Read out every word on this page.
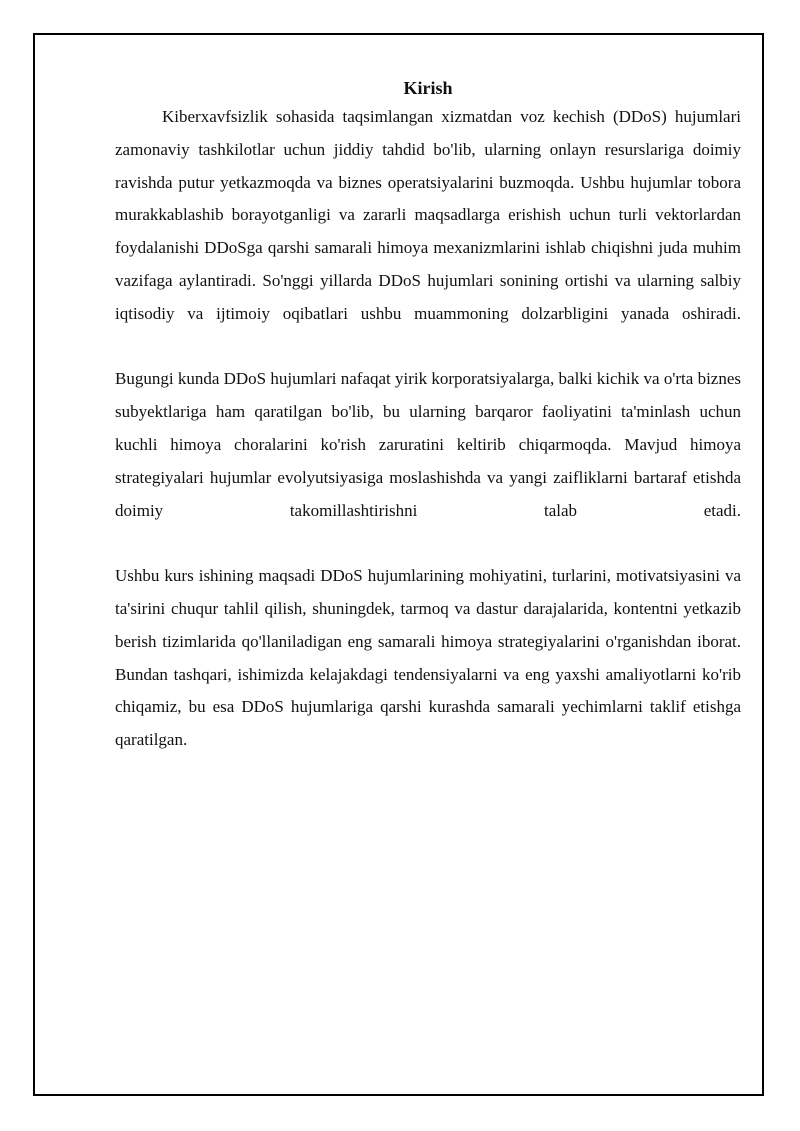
Kirish

Kiberxavfsizlik sohasida taqsimlangan xizmatdan voz kechish (DDoS) hujumlari zamonaviy tashkilotlar uchun jiddiy tahdid bo'lib, ularning onlayn resurslariga doimiy ravishda putur yetkazmoqda va biznes operatsiyalarini buzmoqda. Ushbu hujumlar tobora murakkablashib borayotganligi va zararli maqsadlarga erishish uchun turli vektorlardan foydalanishi DDoSga qarshi samarali himoya mexanizmlarini ishlab chiqishni juda muhim vazifaga aylantiradi. So'nggi yillarda DDoS hujumlari sonining ortishi va ularning salbiy iqtisodiy va ijtimoiy oqibatlari ushbu muammoning dolzarbligini yanada oshiradi.

Bugungi kunda DDoS hujumlari nafaqat yirik korporatsiyalarga, balki kichik va o'rta biznes subyektlariga ham qaratilgan bo'lib, bu ularning barqaror faoliyatini ta'minlash uchun kuchli himoya choralarini ko'rish zaruratini keltirib chiqarmoqda. Mavjud himoya strategiyalari hujumlar evolyutsiyasiga moslashishda va yangi zaifliklarni bartaraf etishda doimiy takomillashtirishni talab etadi.

Ushbu kurs ishining maqsadi DDoS hujumlarining mohiyatini, turlarini, motivatsiyasini va ta'sirini chuqur tahlil qilish, shuningdek, tarmoq va dastur darajalarida, kontentni yetkazib berish tizimlarida qo'llaniladigan eng samarali himoya strategiyalarini o'rganishdan iborat. Bundan tashqari, ishimizda kelajakdagi tendensiyalarni va eng yaxshi amaliyotlarni ko'rib chiqamiz, bu esa DDoS hujumlariga qarshi kurashda samarali yechimlarni taklif etishga qaratilgan.
